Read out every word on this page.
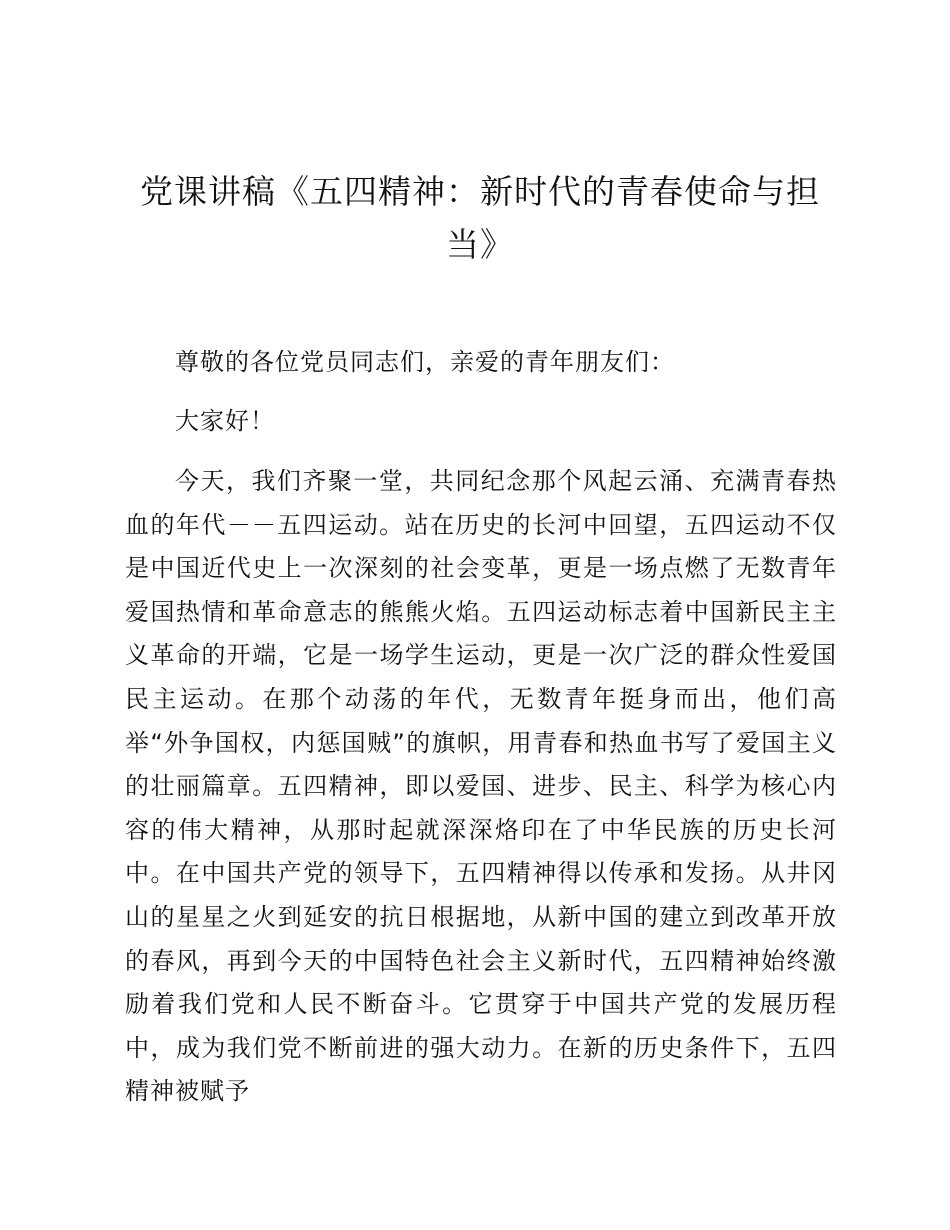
党课讲稿《五四精神：新时代的青春使命与担当》

尊敬的各位党员同志们，亲爱的青年朋友们：

大家好！

今天，我们齐聚一堂，共同纪念那个风起云涌、充满青春热血的年代－－五四运动。站在历史的长河中回望，五四运动不仅是中国近代史上一次深刻的社会变革，更是一场点燃了无数青年爱国热情和革命意志的熊熊火焰。五四运动标志着中国新民主主义革命的开端，它是一场学生运动，更是一次广泛的群众性爱国民主运动。在那个动荡的年代，无数青年挺身而出，他们高举“外争国权，内惩国贼”的旗帜，用青春和热血书写了爱国主义的壮丽篇章。五四精神，即以爱国、进步、民主、科学为核心内容的伟大精神，从那时起就深深烙印在了中华民族的历史长河中。在中国共产党的领导下，五四精神得以传承和发扬。从井冈山的星星之火到延安的抗日根据地，从新中国的建立到改革开放的春风，再到今天的中国特色社会主义新时代，五四精神始终激励着我们党和人民不断奋斗。它贯穿于中国共产党的发展历程中，成为我们党不断前进的强大动力。在新的历史条件下，五四精神被赋予
